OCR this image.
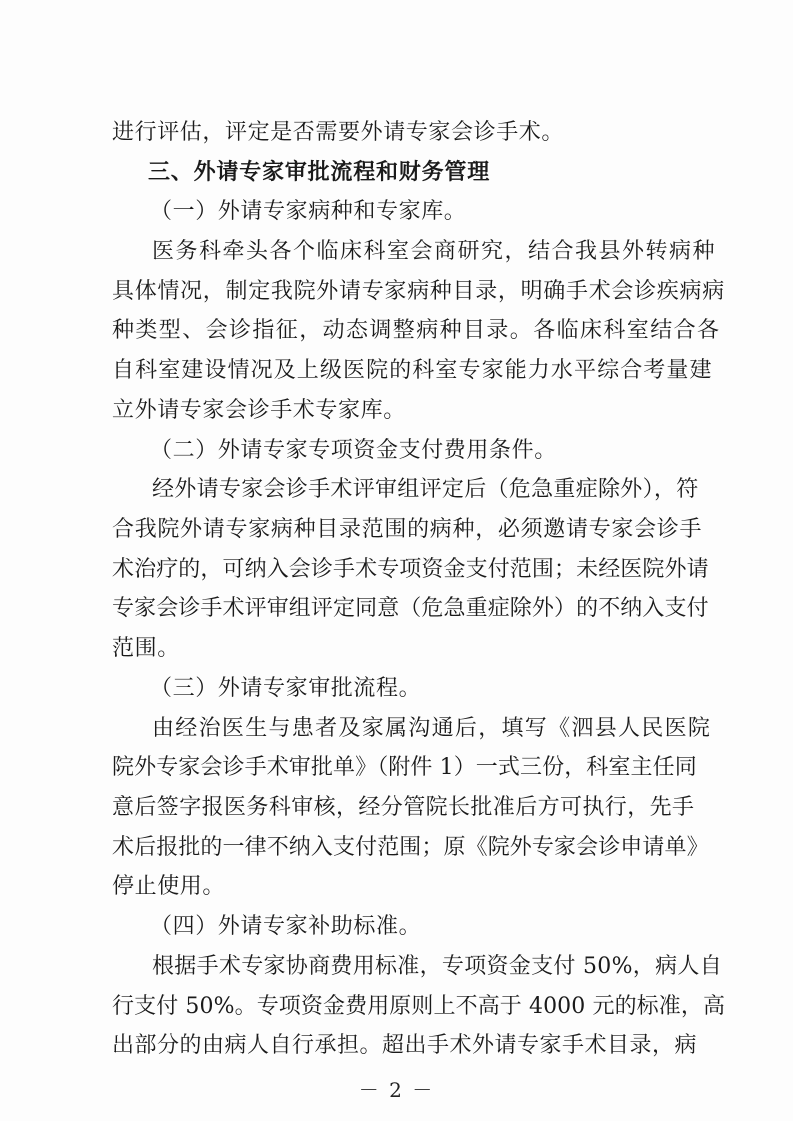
进行评估，评定是否需要外请专家会诊手术。
三、外请专家审批流程和财务管理
（一）外请专家病种和专家库。
医务科牵头各个临床科室会商研究，结合我县外转病种
具体情况，制定我院外请专家病种目录，明确手术会诊疾病病
种类型、会诊指征，动态调整病种目录。各临床科室结合各
自科室建设情况及上级医院的科室专家能力水平综合考量建
立外请专家会诊手术专家库。
（二）外请专家专项资金支付费用条件。
经外请专家会诊手术评审组评定后（危急重症除外），符
合我院外请专家病种目录范围的病种，必须邀请专家会诊手
术治疗的，可纳入会诊手术专项资金支付范围；未经医院外请
专家会诊手术评审组评定同意（危急重症除外）的不纳入支付
范围。
（三）外请专家审批流程。
由经治医生与患者及家属沟通后，填写《泗县人民医院
院外专家会诊手术审批单》（附件 1）一式三份，科室主任同
意后签字报医务科审核，经分管院长批准后方可执行，先手
术后报批的一律不纳入支付范围；原《院外专家会诊申请单》
停止使用。
（四）外请专家补助标准。
根据手术专家协商费用标准，专项资金支付 50%，病人自
行支付 50%。专项资金费用原则上不高于 4000 元的标准，高
出部分的由病人自行承担。超出手术外请专家手术目录，病
－ 2 －
